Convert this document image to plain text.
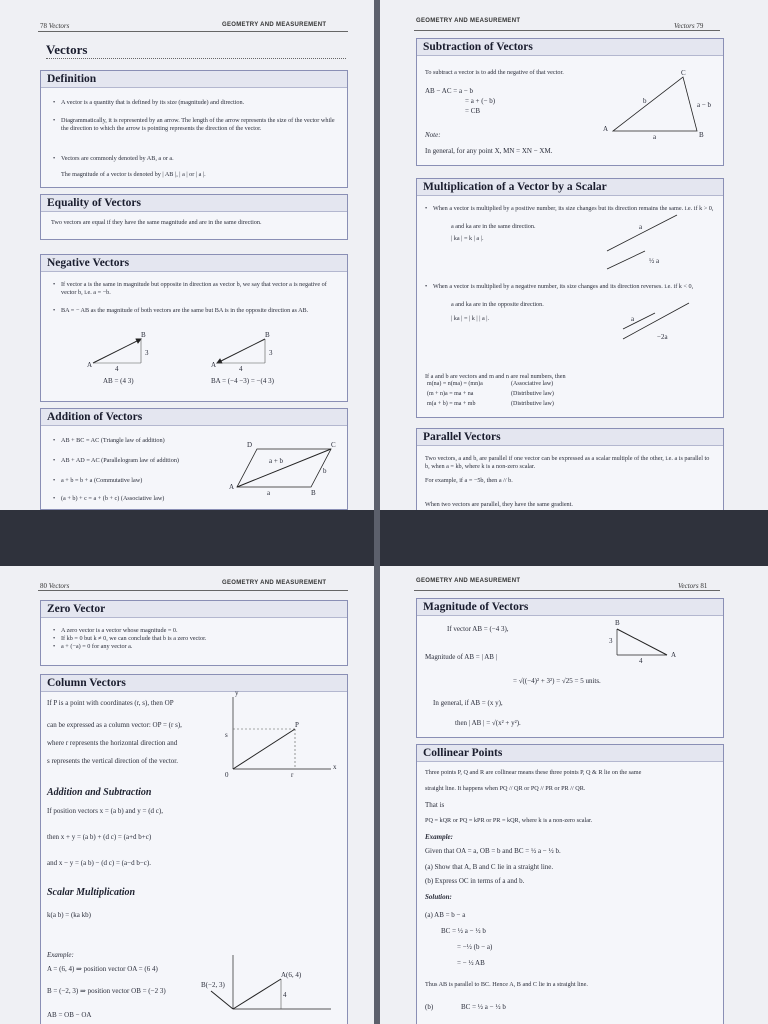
78 Vectors	GEOMETRY AND MEASUREMENT
Vectors
Definition
• A vector is a quantity that is defined by its size (magnitude) and direction.
• Diagrammatically, it is represented by an arrow. The length of the arrow represents the size of the vector while the direction to which the arrow is pointing represents the direction of the vector.
• Vectors are commonly denoted by AB, a or a.
The magnitude of a vector is denoted by | AB |, | a | or | a |.
Equality of Vectors
Two vectors are equal if they have the same magnitude and are in the same direction.
Negative Vectors
• If vector a is the same in magnitude but opposite in direction as vector b, we say that vector a is negative of vector b, i.e. a = −b.
• BA = − AB as the magnitude of both vectors are the same but BA is in the opposite direction as AB.
A
B
3
4	A
B
3
4
AB = (4 3)	BA = (−4 −3) = −(4 3)
Addition of Vectors
• AB + BC = AC (Triangle law of addition)
• AB + AD = AC (Parallelogram law of addition)
• a + b = b + a (Commutative law)
• (a + b) + c = a + (b + c) (Associative law)
D	C
A
B
a + b
a
b
GEOMETRY AND MEASUREMENT
Vectors 79
Subtraction of Vectors
To subtract a vector is to add the negative of that vector.
AB − AC = a − b
= a + (− b)
= CB
C
b	a − b
A
a	B
Note:
In general, for any point X, MN = XN − XM.
Multiplication of a Vector by a Scalar
• When a vector is multiplied by a positive number, its size changes but its direction remains the same. i.e. if k > 0,
a and ka are in the same direction.
| ka | = k | a |.
• When a vector is multiplied by a negative number, its size changes and its direction reverses. i.e. if k < 0,
a and ka are in the opposite direction.
| ka | = | k | | a |.
a
½ a
a
−2a
If a and b are vectors and m and n are real numbers, then
m(na) = n(ma) = (mn)a	(Associative law)
(m + n)a = ma + na	(Distributive law)
m(a + b) = ma + mb	(Distributive law)
Parallel Vectors
Two vectors, a and b, are parallel if one vector can be expressed as a scalar multiple of the other, i.e. a is parallel to b, when a = kb, where k is a non-zero scalar.
For example, if a = −5b, then a // b.
When two vectors are parallel, they have the same gradient.
80 Vectors	GEOMETRY AND MEASUREMENT
Zero Vector
• A zero vector is a vector whose magnitude = 0.
• If kb = 0 but k ≠ 0, we can conclude that b is a zero vector.
• a + (−a) = 0 for any vector a.
Column Vectors
If P is a point with coordinates (r, s), then OP
can be expressed as a column vector: OP = (r s),
where r represents the horizontal direction and
s represents the vertical direction of the vector.
y
x
P
s
r
0
Addition and Subtraction
If position vectors x = (a b) and y = (d c),
then x + y = (a b) + (d c) = (a+d b+c)
and x − y = (a b) − (d c) = (a−d b−c).
Scalar Multiplication
k(a b) = (ka kb)
Example:
A = (6, 4) ⇒ position vector OA = (6 4)
B = (−2, 3) ⇒ position vector OB = (−2 3)
AB = OB − OA
A(6, 4)
B(−2, 3)
4
GEOMETRY AND MEASUREMENT
Vectors 81
Magnitude of Vectors
If vector AB = (−4 3),
Magnitude of AB = | AB |
= √((−4)² + 3²) = √25 = 5 units.
In general, if AB = (x y),
then | AB | = √(x² + y²).
B
3
4
A
Collinear Points
Three points P, Q and R are collinear means these three points P, Q & R lie on the same
straight line. It happens when PQ // QR or PQ // PR or PR // QR.
That is
PQ = kQR or PQ = kPR or PR = kQR, where k is a non-zero scalar.
Example:
Given that OA = a, OB = b and BC = ½ a − ½ b.
(a) Show that A, B and C lie in a straight line.
(b) Express OC in terms of a and b.
Solution:
(a) AB = b − a
BC = ½ a − ½ b
= −½ (b − a)
= − ½ AB
Thus AB is parallel to BC. Hence A, B and C lie in a straight line.
(b)	BC = ½ a − ½ b
